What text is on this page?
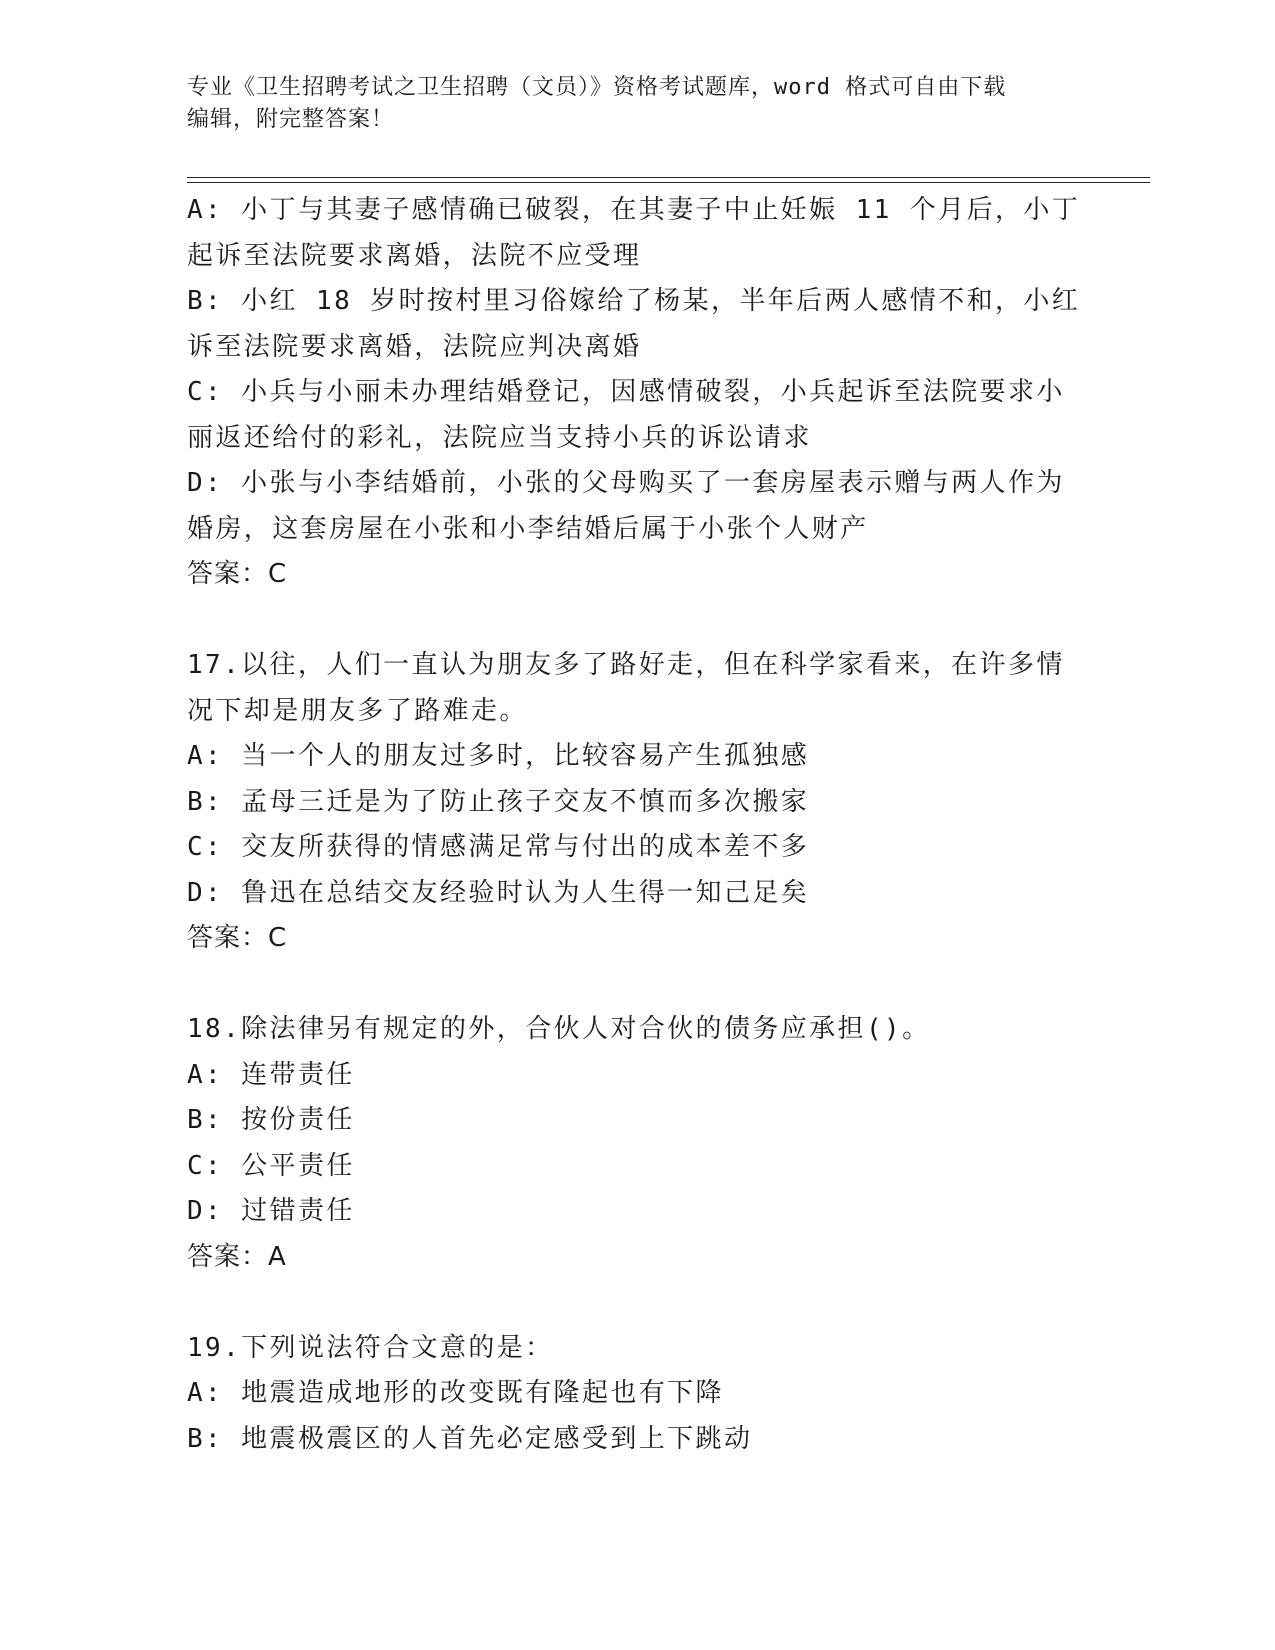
专业《卫生招聘考试之卫生招聘（文员）》资格考试题库，word 格式可自由下载
编辑，附完整答案！
A: 小丁与其妻子感情确已破裂，在其妻子中止妊娠 11 个月后，小丁
起诉至法院要求离婚，法院不应受理
B: 小红 18 岁时按村里习俗嫁给了杨某，半年后两人感情不和，小红
诉至法院要求离婚，法院应判决离婚
C: 小兵与小丽未办理结婚登记，因感情破裂，小兵起诉至法院要求小
丽返还给付的彩礼，法院应当支持小兵的诉讼请求
D: 小张与小李结婚前，小张的父母购买了一套房屋表示赠与两人作为
婚房，这套房屋在小张和小李结婚后属于小张个人财产
答案：C
17.以往，人们一直认为朋友多了路好走，但在科学家看来，在许多情
况下却是朋友多了路难走。
A: 当一个人的朋友过多时，比较容易产生孤独感
B: 孟母三迁是为了防止孩子交友不慎而多次搬家
C: 交友所获得的情感满足常与付出的成本差不多
D: 鲁迅在总结交友经验时认为人生得一知己足矣
答案：C
18.除法律另有规定的外，合伙人对合伙的债务应承担()。
A: 连带责任
B: 按份责任
C: 公平责任
D: 过错责任
答案：A
19.下列说法符合文意的是：
A: 地震造成地形的改变既有隆起也有下降
B: 地震极震区的人首先必定感受到上下跳动
